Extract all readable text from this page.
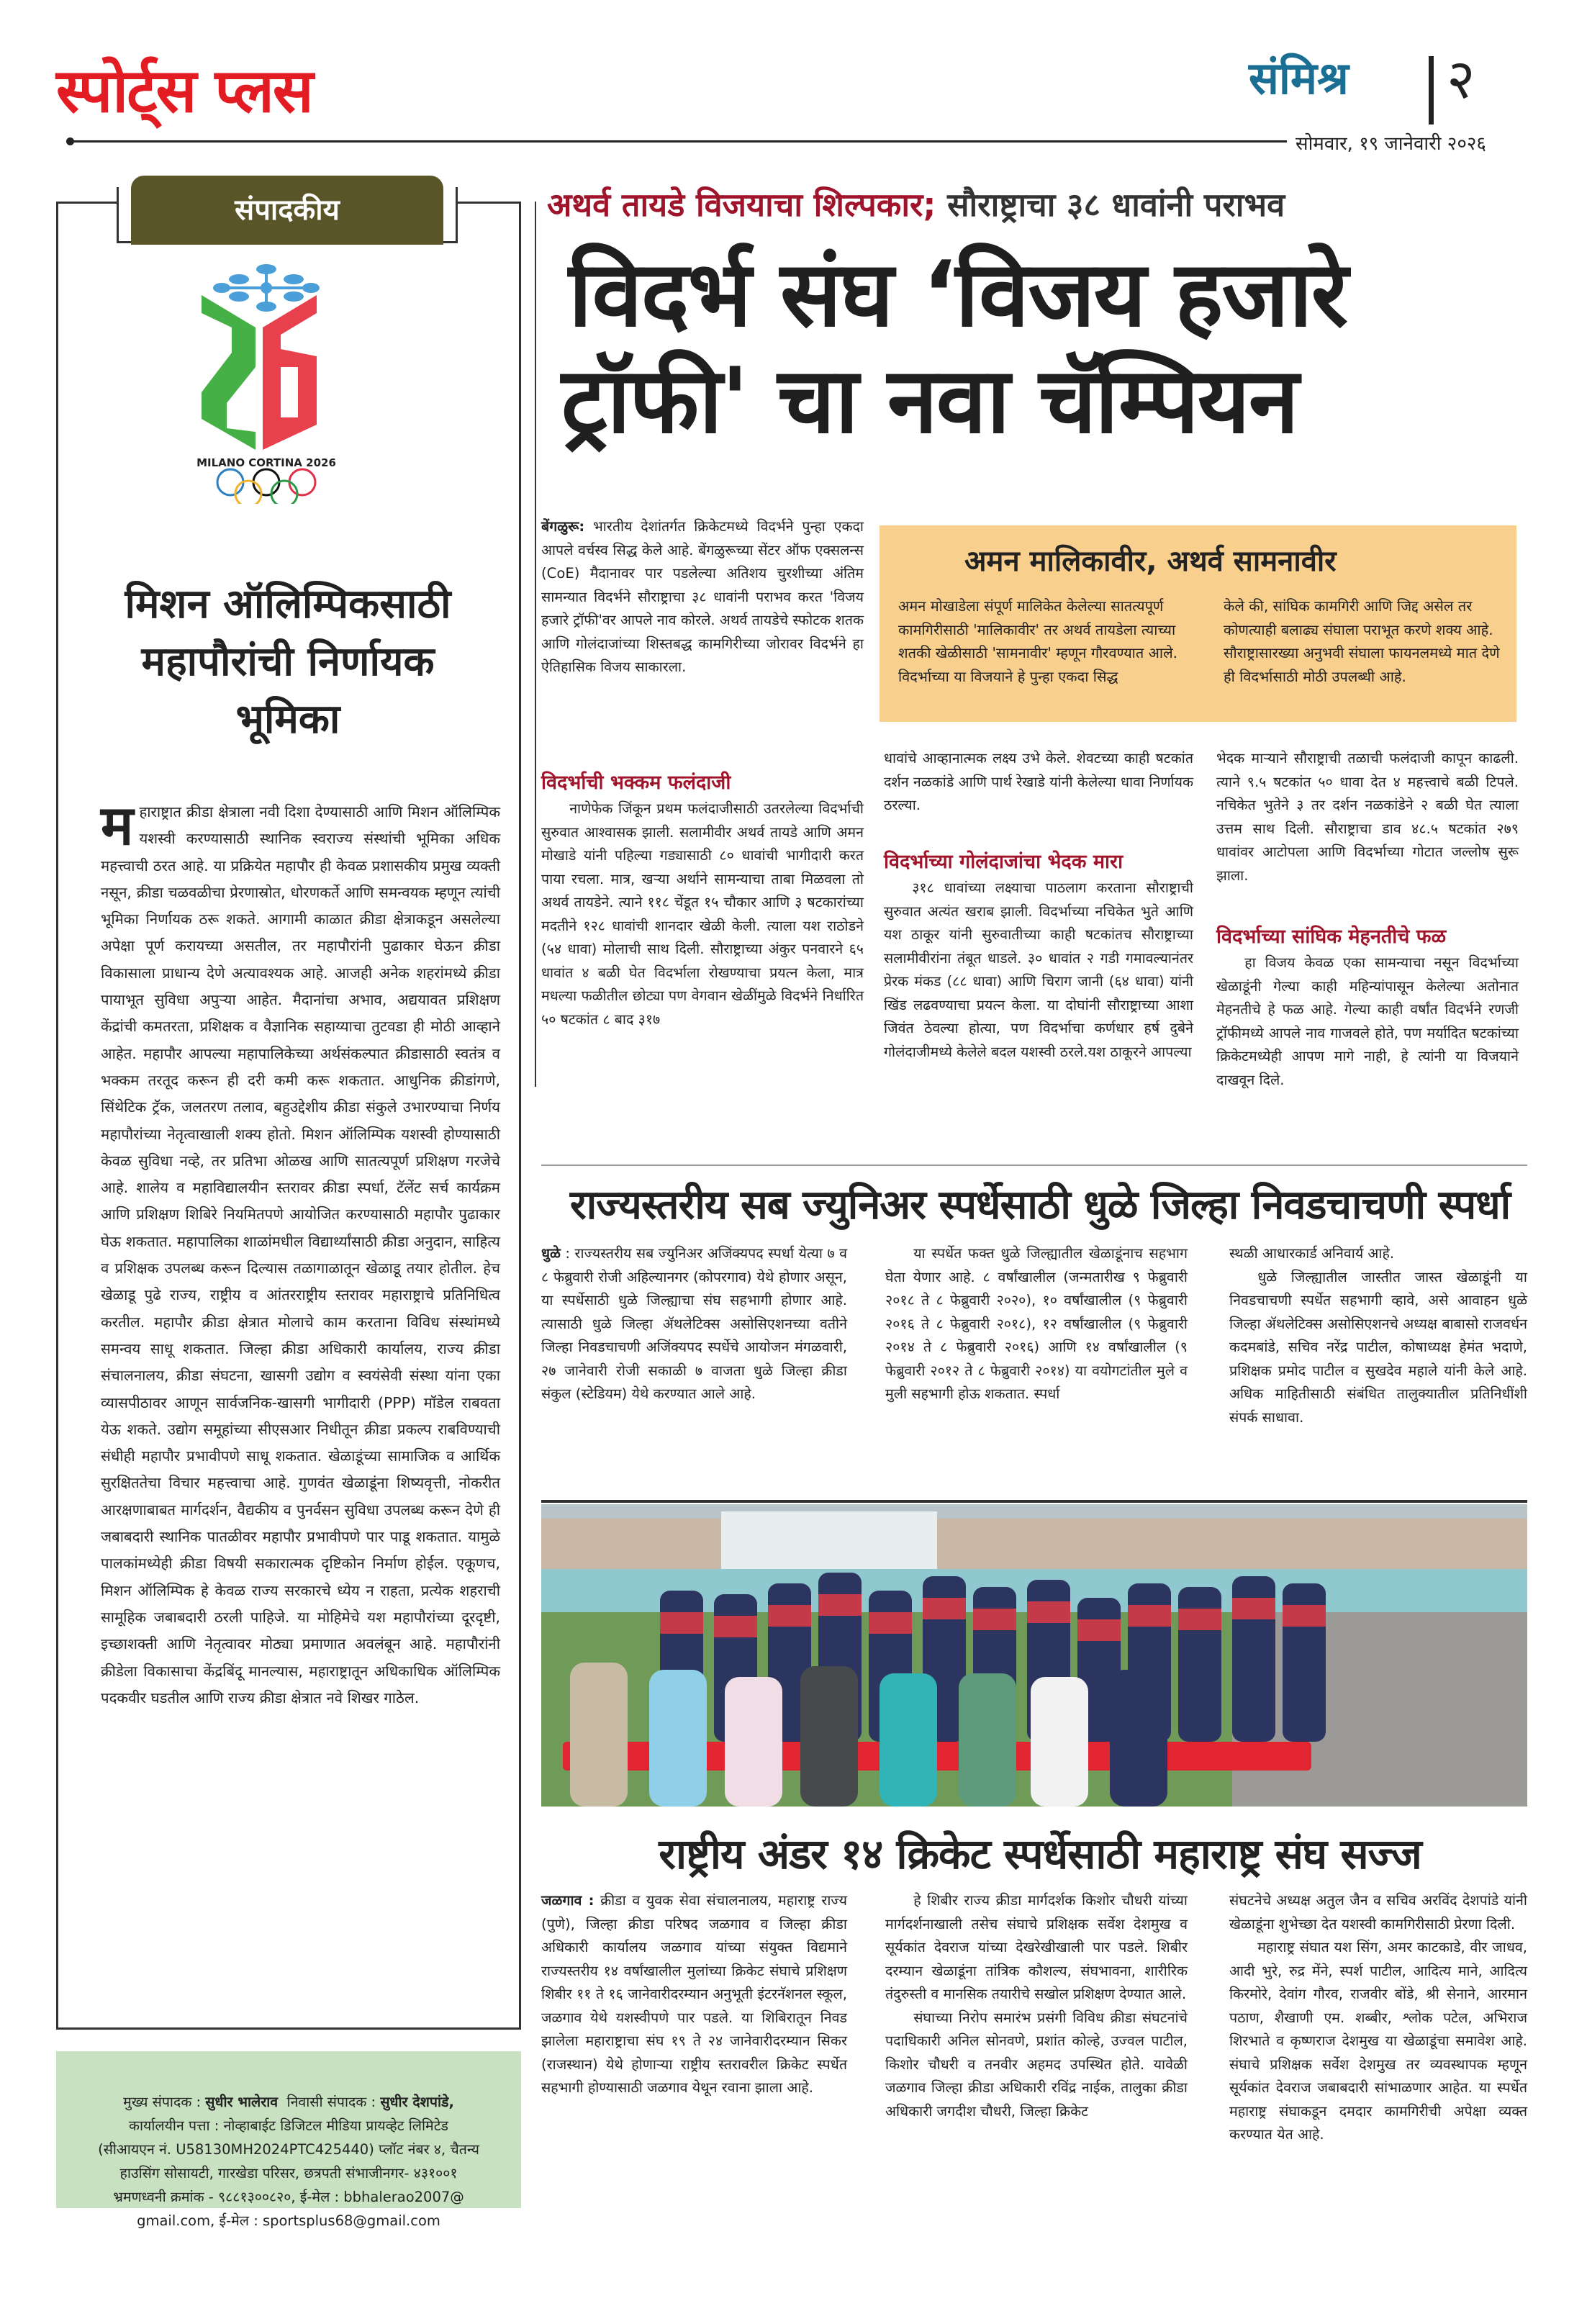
स्पोर्ट्स प्लस	संमिश्र	२
सोमवार, १९ जानेवारी २०२६
संपादकीय
MILANO CORTINA 2026
मिशन ऑलिम्पिकसाठी महापौरांची निर्णायक भूमिका
महाराष्ट्रात क्रीडा क्षेत्राला नवी दिशा देण्यासाठी आणि मिशन ऑलिम्पिक यशस्वी करण्यासाठी स्थानिक स्वराज्य संस्थांची भूमिका अधिक महत्त्वाची ठरत आहे. या प्रक्रियेत महापौर ही केवळ प्रशासकीय प्रमुख व्यक्ती नसून, क्रीडा चळवळीचा प्रेरणास्रोत, धोरणकर्ते आणि समन्वयक म्हणून त्यांची भूमिका निर्णायक ठरू शकते. आगामी काळात क्रीडा क्षेत्राकडून असलेल्या अपेक्षा पूर्ण करायच्या असतील, तर महापौरांनी पुढाकार घेऊन क्रीडा विकासाला प्राधान्य देणे अत्यावश्यक आहे. आजही अनेक शहरांमध्ये क्रीडा पायाभूत सुविधा अपुऱ्या आहेत. मैदानांचा अभाव, अद्ययावत प्रशिक्षण केंद्रांची कमतरता, प्रशिक्षक व वैज्ञानिक सहाय्याचा तुटवडा ही मोठी आव्हाने आहेत. महापौर आपल्या महापालिकेच्या अर्थसंकल्पात क्रीडासाठी स्वतंत्र व भक्कम तरतूद करून ही दरी कमी करू शकतात. आधुनिक क्रीडांगणे, सिंथेटिक ट्रॅक, जलतरण तलाव, बहुउद्देशीय क्रीडा संकुले उभारण्याचा निर्णय महापौरांच्या नेतृत्वाखाली शक्य होतो. मिशन ऑलिम्पिक यशस्वी होण्यासाठी केवळ सुविधा नव्हे, तर प्रतिभा ओळख आणि सातत्यपूर्ण प्रशिक्षण गरजेचे आहे. शालेय व महाविद्यालयीन स्तरावर क्रीडा स्पर्धा, टॅलेंट सर्च कार्यक्रम आणि प्रशिक्षण शिबिरे नियमितपणे आयोजित करण्यासाठी महापौर पुढाकार घेऊ शकतात. महापालिका शाळांमधील विद्यार्थ्यांसाठी क्रीडा अनुदान, साहित्य व प्रशिक्षक उपलब्ध करून दिल्यास तळागाळातून खेळाडू तयार होतील. हेच खेळाडू पुढे राज्य, राष्ट्रीय व आंतरराष्ट्रीय स्तरावर महाराष्ट्राचे प्रतिनिधित्व करतील. महापौर क्रीडा क्षेत्रात मोलाचे काम करताना विविध संस्थांमध्ये समन्वय साधू शकतात. जिल्हा क्रीडा अधिकारी कार्यालय, राज्य क्रीडा संचालनालय, क्रीडा संघटना, खासगी उद्योग व स्वयंसेवी संस्था यांना एका व्यासपीठावर आणून सार्वजनिक-खासगी भागीदारी (PPP) मॉडेल राबवता येऊ शकते. उद्योग समूहांच्या सीएसआर निधीतून क्रीडा प्रकल्प राबविण्याची संधीही महापौर प्रभावीपणे साधू शकतात. खेळाडूंच्या सामाजिक व आर्थिक सुरक्षिततेचा विचार महत्त्वाचा आहे. गुणवंत खेळाडूंना शिष्यवृत्ती, नोकरीत आरक्षणाबाबत मार्गदर्शन, वैद्यकीय व पुनर्वसन सुविधा उपलब्ध करून देणे ही जबाबदारी स्थानिक पातळीवर महापौर प्रभावीपणे पार पाडू शकतात. यामुळे पालकांमध्येही क्रीडा विषयी सकारात्मक दृष्टिकोन निर्माण होईल. एकूणच, मिशन ऑलिम्पिक हे केवळ राज्य सरकारचे ध्येय न राहता, प्रत्येक शहराची सामूहिक जबाबदारी ठरली पाहिजे. या मोहिमेचे यश महापौरांच्या दूरदृष्टी, इच्छाशक्ती आणि नेतृत्वावर मोठ्या प्रमाणात अवलंबून आहे. महापौरांनी क्रीडेला विकासाचा केंद्रबिंदू मानल्यास, महाराष्ट्रातून अधिकाधिक ऑलिम्पिक पदकवीर घडतील आणि राज्य क्रीडा क्षेत्रात नवे शिखर गाठेल.
मुख्य संपादक : सुधीर भालेराव निवासी संपादक : सुधीर देशपांडे,
कार्यालयीन पत्ता : नोव्हाबाईट डिजिटल मीडिया प्रायव्हेट लिमिटेड
(सीआयएन नं. U58130MH2024PTC425440) प्लॉट नंबर ४, चैतन्य
हाउसिंग सोसायटी, गारखेडा परिसर, छत्रपती संभाजीनगर- ४३१००१
भ्रमणध्वनी क्रमांक - ९८८१३००८२०, ई-मेल : bbhalerao2007@
gmail.com, ई-मेल : sportsplus68@gmail.com
अथर्व तायडे विजयाचा शिल्पकार; सौराष्ट्राचा ३८ धावांनी पराभव
विदर्भ संघ ‘विजय हजारे
ट्रॉफी' चा नवा चॅम्पियन
बेंगळुरू: भारतीय देशांतर्गत क्रिकेटमध्ये विदर्भने पुन्हा एकदा आपले वर्चस्व सिद्ध केले आहे. बेंगळुरूच्या सेंटर ऑफ एक्सलन्स (CoE) मैदानावर पार पडलेल्या अतिशय चुरशीच्या अंतिम सामन्यात विदर्भने सौराष्ट्राचा ३८ धावांनी पराभव करत 'विजय हजारे ट्रॉफी'वर आपले नाव कोरले. अथर्व तायडेचे स्फोटक शतक आणि गोलंदाजांच्या शिस्तबद्ध कामगिरीच्या जोरावर विदर्भने हा ऐतिहासिक विजय साकारला.
अमन मालिकावीर, अथर्व सामनावीर
अमन मोखाडेला संपूर्ण मालिकेत केलेल्या सातत्यपूर्ण कामगिरीसाठी 'मालिकावीर' तर अथर्व तायडेला त्याच्या शतकी खेळीसाठी 'सामनावीर' म्हणून गौरवण्यात आले. विदर्भाच्या या विजयाने हे पुन्हा एकदा सिद्ध
केले की, सांघिक कामगिरी आणि जिद्द असेल तर कोणत्याही बलाढ्य संघाला पराभूत करणे शक्य आहे. सौराष्ट्रासारख्या अनुभवी संघाला फायनलमध्ये मात देणे ही विदर्भासाठी मोठी उपलब्धी आहे.
विदर्भाची भक्कम फलंदाजी
नाणेफेक जिंकून प्रथम फलंदाजीसाठी उतरलेल्या विदर्भाची सुरुवात आश्वासक झाली. सलामीवीर अथर्व तायडे आणि अमन मोखाडे यांनी पहिल्या गड्यासाठी ८० धावांची भागीदारी करत पाया रचला. मात्र, खऱ्या अर्थाने सामन्याचा ताबा मिळवला तो अथर्व तायडेने. त्याने ११८ चेंडूत १५ चौकार आणि ३ षटकारांच्या मदतीने १२८ धावांची शानदार खेळी केली. त्याला यश राठोडने (५४ धावा) मोलाची साथ दिली. सौराष्ट्राच्या अंकुर पनवारने ६५ धावांत ४ बळी घेत विदर्भाला रोखण्याचा प्रयत्न केला, मात्र मधल्या फळीतील छोट्या पण वेगवान खेळींमुळे विदर्भने निर्धारित ५० षटकांत ८ बाद ३१७
धावांचे आव्हानात्मक लक्ष्य उभे केले. शेवटच्या काही षटकांत दर्शन नळकांडे आणि पार्थ रेखाडे यांनी केलेल्या धावा निर्णायक ठरल्या.
विदर्भाच्या गोलंदाजांचा भेदक मारा
३१८ धावांच्या लक्ष्याचा पाठलाग करताना सौराष्ट्राची सुरुवात अत्यंत खराब झाली. विदर्भाच्या नचिकेत भुते आणि यश ठाकूर यांनी सुरुवातीच्या काही षटकांतच सौराष्ट्राच्या सलामीवीरांना तंबूत धाडले. ३० धावांत २ गडी गमावल्यानंतर प्रेरक मंकड (८८ धावा) आणि चिराग जानी (६४ धावा) यांनी खिंड लढवण्याचा प्रयत्न केला. या दोघांनी सौराष्ट्राच्या आशा जिवंत ठेवल्या होत्या, पण विदर्भाचा कर्णधार हर्ष दुबेने गोलंदाजीमध्ये केलेले बदल यशस्वी ठरले.यश ठाकूरने आपल्या
भेदक माऱ्याने सौराष्ट्राची तळाची फलंदाजी कापून काढली. त्याने ९.५ षटकांत ५० धावा देत ४ महत्त्वाचे बळी टिपले. नचिकेत भुतेने ३ तर दर्शन नळकांडेने २ बळी घेत त्याला उत्तम साथ दिली. सौराष्ट्राचा डाव ४८.५ षटकांत २७९ धावांवर आटोपला आणि विदर्भाच्या गोटात जल्लोष सुरू झाला.
विदर्भाच्या सांघिक मेहनतीचे फळ
हा विजय केवळ एका सामन्याचा नसून विदर्भाच्या खेळाडूंनी गेल्या काही महिन्यांपासून केलेल्या अतोनात मेहनतीचे हे फळ आहे. गेल्या काही वर्षांत विदर्भने रणजी ट्रॉफीमध्ये आपले नाव गाजवले होते, पण मर्यादित षटकांच्या क्रिकेटमध्येही आपण मागे नाही, हे त्यांनी या विजयाने दाखवून दिले.
राज्यस्तरीय सब ज्युनिअर स्पर्धेसाठी धुळे जिल्हा निवडचाचणी स्पर्धा
धुळे : राज्यस्तरीय सब ज्युनिअर अजिंक्यपद स्पर्धा येत्या ७ व ८ फेब्रुवारी रोजी अहिल्यानगर (कोपरगाव) येथे होणार असून, या स्पर्धेसाठी धुळे जिल्ह्याचा संघ सहभागी होणार आहे. त्यासाठी धुळे जिल्हा ॲथलेटिक्स असोसिएशनच्या वतीने जिल्हा निवडचाचणी अजिंक्यपद स्पर्धेचे आयोजन मंगळवारी, २७ जानेवारी रोजी सकाळी ७ वाजता धुळे जिल्हा क्रीडा संकुल (स्टेडियम) येथे करण्यात आले आहे.
या स्पर्धेत फक्त धुळे जिल्ह्यातील खेळाडूंनाच सहभाग घेता येणार आहे. ८ वर्षांखालील (जन्मतारीख ९ फेब्रुवारी २०१८ ते ८ फेब्रुवारी २०२०), १० वर्षांखालील (९ फेब्रुवारी २०१६ ते ८ फेब्रुवारी २०१८), १२ वर्षांखालील (९ फेब्रुवारी २०१४ ते ८ फेब्रुवारी २०१६) आणि १४ वर्षांखालील (९ फेब्रुवारी २०१२ ते ८ फेब्रुवारी २०१४) या वयोगटांतील मुले व मुली सहभागी होऊ शकतात. स्पर्धा
स्थळी आधारकार्ड अनिवार्य आहे.
धुळे जिल्ह्यातील जास्तीत जास्त खेळाडूंनी या निवडचाचणी स्पर्धेत सहभागी व्हावे, असे आवाहन धुळे जिल्हा ॲथलेटिक्स असोसिएशनचे अध्यक्ष बाबासो राजवर्धन कदमबांडे, सचिव नरेंद्र पाटील, कोषाध्यक्ष हेमंत भदाणे, प्रशिक्षक प्रमोद पाटील व सुखदेव महाले यांनी केले आहे. अधिक माहितीसाठी संबंधित तालुक्यातील प्रतिनिधींशी संपर्क साधावा.
राष्ट्रीय अंडर १४ क्रिकेट स्पर्धेसाठी महाराष्ट्र संघ सज्ज
जळगाव : क्रीडा व युवक सेवा संचालनालय, महाराष्ट्र राज्य (पुणे), जिल्हा क्रीडा परिषद जळगाव व जिल्हा क्रीडा अधिकारी कार्यालय जळगाव यांच्या संयुक्त विद्यमाने राज्यस्तरीय १४ वर्षांखालील मुलांच्या क्रिकेट संघाचे प्रशिक्षण शिबीर ११ ते १६ जानेवारीदरम्यान अनुभूती इंटरनॅशनल स्कूल, जळगाव येथे यशस्वीपणे पार पडले. या शिबिरातून निवड झालेला महाराष्ट्राचा संघ १९ ते २४ जानेवारीदरम्यान सिकर (राजस्थान) येथे होणाऱ्या राष्ट्रीय स्तरावरील क्रिकेट स्पर्धेत सहभागी होण्यासाठी जळगाव येथून रवाना झाला आहे.
हे शिबीर राज्य क्रीडा मार्गदर्शक किशोर चौधरी यांच्या मार्गदर्शनाखाली तसेच संघाचे प्रशिक्षक सर्वेश देशमुख व सूर्यकांत देवराज यांच्या देखरेखीखाली पार पडले. शिबीर दरम्यान खेळाडूंना तांत्रिक कौशल्य, संघभावना, शारीरिक तंदुरुस्ती व मानसिक तयारीचे सखोल प्रशिक्षण देण्यात आले.
संघाच्या निरोप समारंभ प्रसंगी विविध क्रीडा संघटनांचे पदाधिकारी अनिल सोनवणे, प्रशांत कोल्हे, उज्वल पाटील, किशोर चौधरी व तनवीर अहमद उपस्थित होते. यावेळी जळगाव जिल्हा क्रीडा अधिकारी रविंद्र नाईक, तालुका क्रीडा अधिकारी जगदीश चौधरी, जिल्हा क्रिकेट
संघटनेचे अध्यक्ष अतुल जैन व सचिव अरविंद देशपांडे यांनी खेळाडूंना शुभेच्छा देत यशस्वी कामगिरीसाठी प्रेरणा दिली.
महाराष्ट्र संघात यश सिंग, अमर काटकाडे, वीर जाधव, आदी भुरे, रुद्र मेंने, स्पर्श पाटील, आदित्य माने, आदित्य किरमोरे, देवांग गौरव, राजवीर बोंडे, श्री सेनाने, आरमान पठाण, शैखाणी एम. शब्बीर, श्लोक पटेल, अभिराज शिरभाते व कृष्णराज देशमुख या खेळाडूंचा समावेश आहे. संघाचे प्रशिक्षक सर्वेश देशमुख तर व्यवस्थापक म्हणून सूर्यकांत देवराज जबाबदारी सांभाळणार आहेत. या स्पर्धेत महाराष्ट्र संघाकडून दमदार कामगिरीची अपेक्षा व्यक्त करण्यात येत आहे.
